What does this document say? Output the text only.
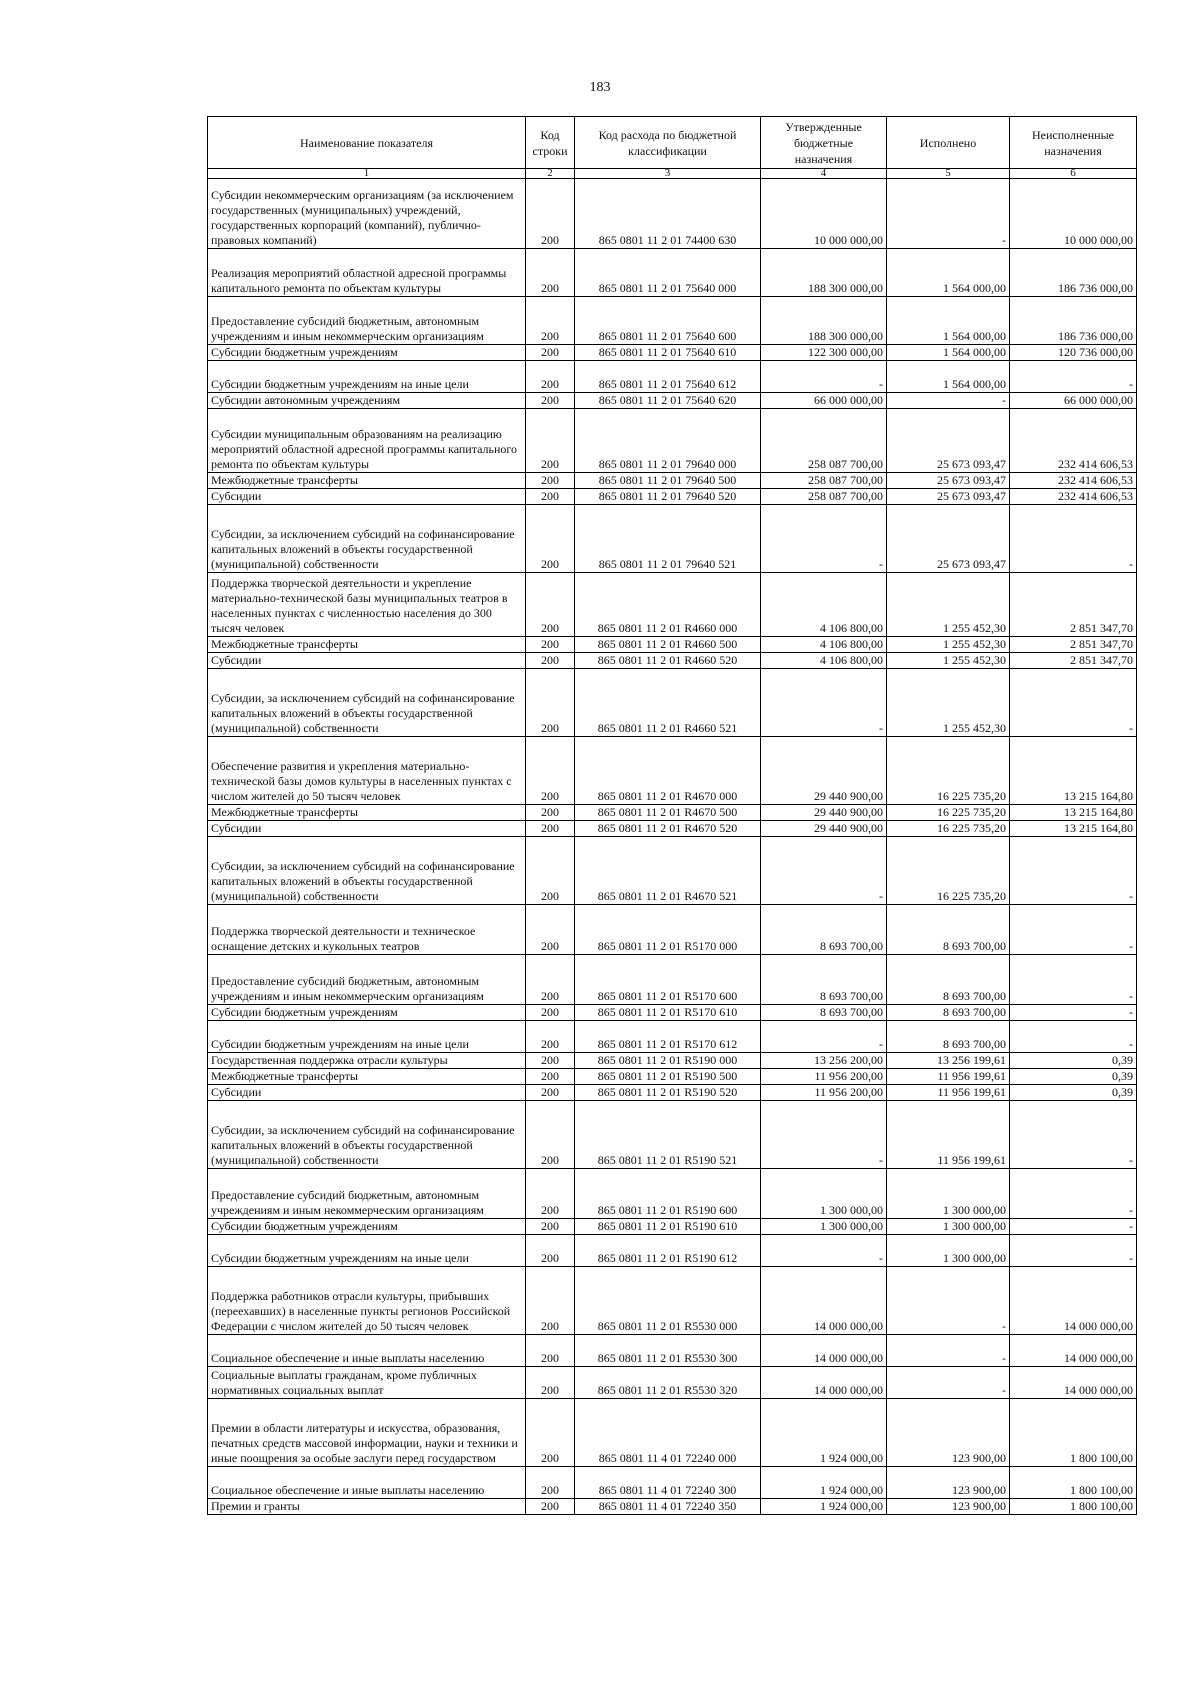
183
Наименование показателя	Код строки	Код расхода по бюджетной классификации	Утвержденные бюджетные назначения	Исполнено	Неисполненные назначения
1	2	3	4	5	6
Субсидии некоммерческим организациям (за исключением государственных (муниципальных) учреждений, государственных корпораций (компаний), публично-правовых компаний)	200	865 0801 11 2 01 74400 630	10 000 000,00	-	10 000 000,00
Реализация мероприятий областной адресной программы капитального ремонта по объектам культуры	200	865 0801 11 2 01 75640 000	188 300 000,00	1 564 000,00	186 736 000,00
Предоставление субсидий бюджетным, автономным учреждениям и иным некоммерческим организациям	200	865 0801 11 2 01 75640 600	188 300 000,00	1 564 000,00	186 736 000,00
Субсидии бюджетным учреждениям	200	865 0801 11 2 01 75640 610	122 300 000,00	1 564 000,00	120 736 000,00
Субсидии бюджетным учреждениям на иные цели	200	865 0801 11 2 01 75640 612	-	1 564 000,00	-
Субсидии автономным учреждениям	200	865 0801 11 2 01 75640 620	66 000 000,00	-	66 000 000,00
Субсидии муниципальным образованиям на реализацию мероприятий областной адресной программы капитального ремонта по объектам культуры	200	865 0801 11 2 01 79640 000	258 087 700,00	25 673 093,47	232 414 606,53
Межбюджетные трансферты	200	865 0801 11 2 01 79640 500	258 087 700,00	25 673 093,47	232 414 606,53
Субсидии	200	865 0801 11 2 01 79640 520	258 087 700,00	25 673 093,47	232 414 606,53
Субсидии, за исключением субсидий на софинансирование капитальных вложений в объекты государственной (муниципальной) собственности	200	865 0801 11 2 01 79640 521	-	25 673 093,47	-
Поддержка творческой деятельности и укрепление материально-технической базы муниципальных театров в населенных пунктах с численностью населения до 300 тысяч человек	200	865 0801 11 2 01 R4660 000	4 106 800,00	1 255 452,30	2 851 347,70
Межбюджетные трансферты	200	865 0801 11 2 01 R4660 500	4 106 800,00	1 255 452,30	2 851 347,70
Субсидии	200	865 0801 11 2 01 R4660 520	4 106 800,00	1 255 452,30	2 851 347,70
Субсидии, за исключением субсидий на софинансирование капитальных вложений в объекты государственной (муниципальной) собственности	200	865 0801 11 2 01 R4660 521	-	1 255 452,30	-
Обеспечение развития и укрепления материально-технической базы домов культуры в населенных пунктах с числом жителей до 50 тысяч человек	200	865 0801 11 2 01 R4670 000	29 440 900,00	16 225 735,20	13 215 164,80
Межбюджетные трансферты	200	865 0801 11 2 01 R4670 500	29 440 900,00	16 225 735,20	13 215 164,80
Субсидии	200	865 0801 11 2 01 R4670 520	29 440 900,00	16 225 735,20	13 215 164,80
Субсидии, за исключением субсидий на софинансирование капитальных вложений в объекты государственной (муниципальной) собственности	200	865 0801 11 2 01 R4670 521	-	16 225 735,20	-
Поддержка творческой деятельности и техническое оснащение детских и кукольных театров	200	865 0801 11 2 01 R5170 000	8 693 700,00	8 693 700,00	-
Предоставление субсидий бюджетным, автономным учреждениям и иным некоммерческим организациям	200	865 0801 11 2 01 R5170 600	8 693 700,00	8 693 700,00	-
Субсидии бюджетным учреждениям	200	865 0801 11 2 01 R5170 610	8 693 700,00	8 693 700,00	-
Субсидии бюджетным учреждениям на иные цели	200	865 0801 11 2 01 R5170 612	-	8 693 700,00	-
Государственная поддержка отрасли культуры	200	865 0801 11 2 01 R5190 000	13 256 200,00	13 256 199,61	0,39
Межбюджетные трансферты	200	865 0801 11 2 01 R5190 500	11 956 200,00	11 956 199,61	0,39
Субсидии	200	865 0801 11 2 01 R5190 520	11 956 200,00	11 956 199,61	0,39
Субсидии, за исключением субсидий на софинансирование капитальных вложений в объекты государственной (муниципальной) собственности	200	865 0801 11 2 01 R5190 521	-	11 956 199,61	-
Предоставление субсидий бюджетным, автономным учреждениям и иным некоммерческим организациям	200	865 0801 11 2 01 R5190 600	1 300 000,00	1 300 000,00	-
Субсидии бюджетным учреждениям	200	865 0801 11 2 01 R5190 610	1 300 000,00	1 300 000,00	-
Субсидии бюджетным учреждениям на иные цели	200	865 0801 11 2 01 R5190 612	-	1 300 000,00	-
Поддержка работников отрасли культуры, прибывших (переехавших) в населенные пункты регионов Российской Федерации с числом жителей до 50 тысяч человек	200	865 0801 11 2 01 R5530 000	14 000 000,00	-	14 000 000,00
Социальное обеспечение и иные выплаты населению	200	865 0801 11 2 01 R5530 300	14 000 000,00	-	14 000 000,00
Социальные выплаты гражданам, кроме публичных нормативных социальных выплат	200	865 0801 11 2 01 R5530 320	14 000 000,00	-	14 000 000,00
Премии в области литературы и искусства, образования, печатных средств массовой информации, науки и техники и иные поощрения за особые заслуги перед государством	200	865 0801 11 4 01 72240 000	1 924 000,00	123 900,00	1 800 100,00
Социальное обеспечение и иные выплаты населению	200	865 0801 11 4 01 72240 300	1 924 000,00	123 900,00	1 800 100,00
Премии и гранты	200	865 0801 11 4 01 72240 350	1 924 000,00	123 900,00	1 800 100,00
